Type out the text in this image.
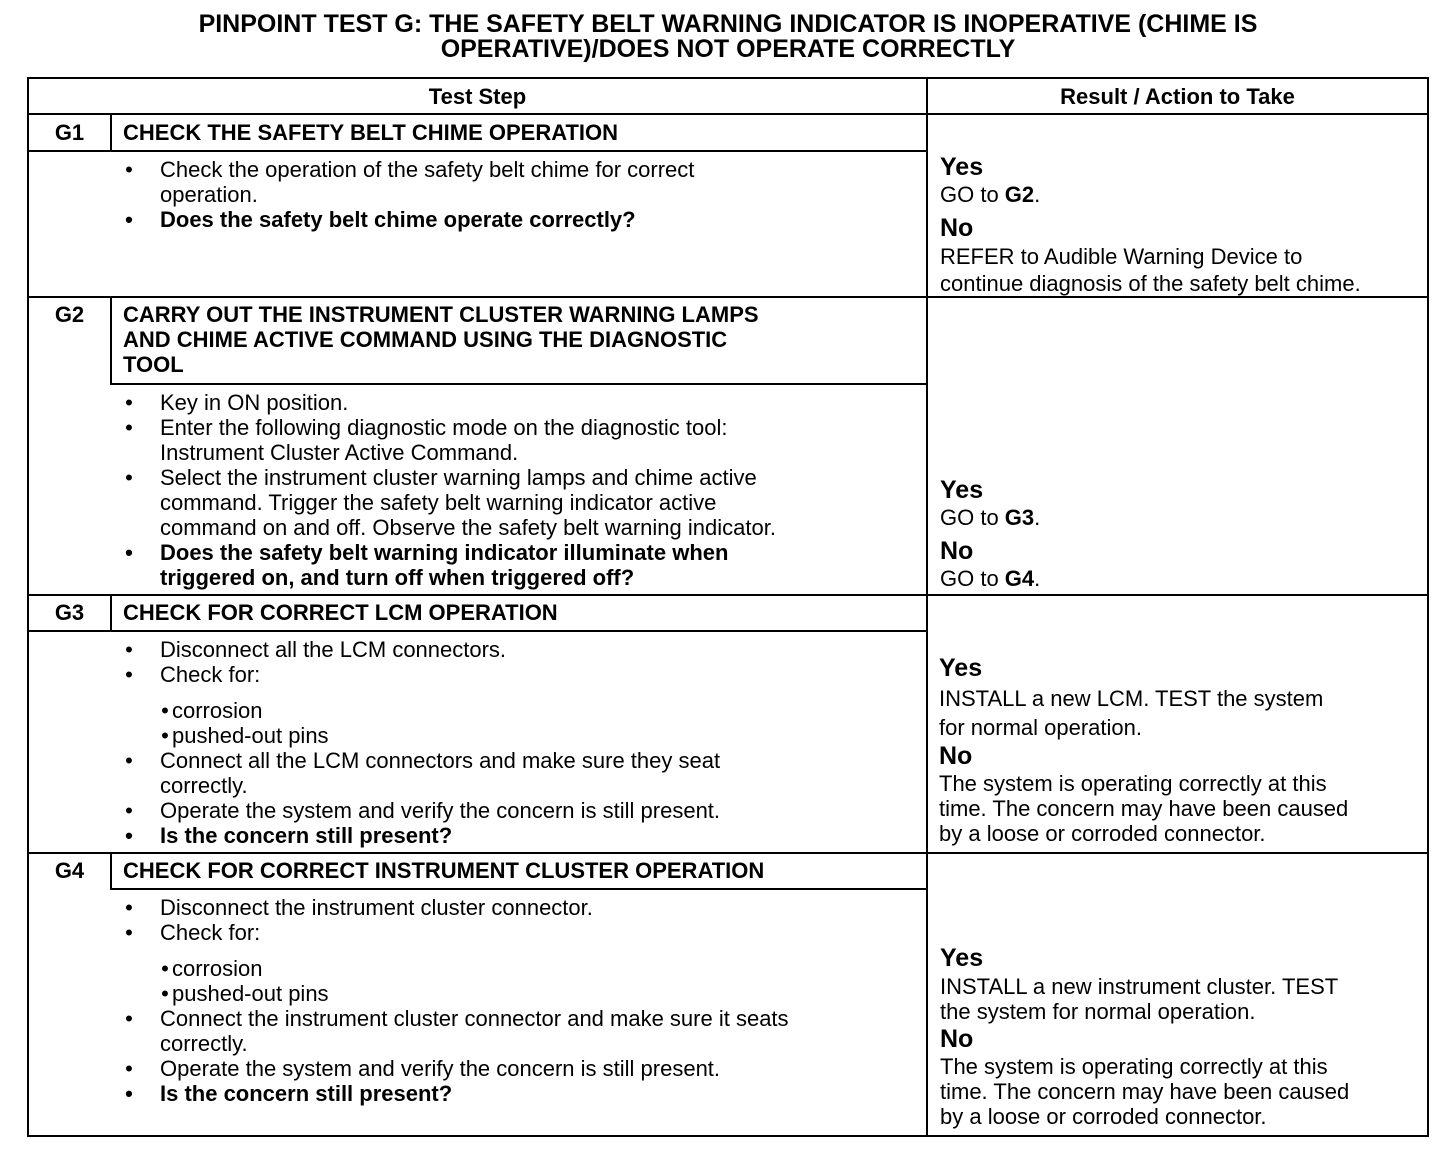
PINPOINT TEST G: THE SAFETY BELT WARNING INDICATOR IS INOPERATIVE (CHIME IS
OPERATIVE)/DOES NOT OPERATE CORRECTLY
Test Step	Result / Action to Take
G1	CHECK THE SAFETY BELT CHIME OPERATION
• Check the operation of the safety belt chime for correct
operation.
• Does the safety belt chime operate correctly?
Yes
GO to G2.
No
REFER to Audible Warning Device to
continue diagnosis of the safety belt chime.
G2	CARRY OUT THE INSTRUMENT CLUSTER WARNING LAMPS
AND CHIME ACTIVE COMMAND USING THE DIAGNOSTIC
TOOL
• Key in ON position.
• Enter the following diagnostic mode on the diagnostic tool:
Instrument Cluster Active Command.
• Select the instrument cluster warning lamps and chime active
command. Trigger the safety belt warning indicator active
command on and off. Observe the safety belt warning indicator.
• Does the safety belt warning indicator illuminate when
triggered on, and turn off when triggered off?
Yes
GO to G3.
No
GO to G4.
G3	CHECK FOR CORRECT LCM OPERATION
• Disconnect all the LCM connectors.
• Check for:
• corrosion
• pushed-out pins
• Connect all the LCM connectors and make sure they seat
correctly.
• Operate the system and verify the concern is still present.
• Is the concern still present?
Yes
INSTALL a new LCM. TEST the system
for normal operation.
No
The system is operating correctly at this
time. The concern may have been caused
by a loose or corroded connector.
G4	CHECK FOR CORRECT INSTRUMENT CLUSTER OPERATION
• Disconnect the instrument cluster connector.
• Check for:
• corrosion
• pushed-out pins
• Connect the instrument cluster connector and make sure it seats
correctly.
• Operate the system and verify the concern is still present.
• Is the concern still present?
Yes
INSTALL a new instrument cluster. TEST
the system for normal operation.
No
The system is operating correctly at this
time. The concern may have been caused
by a loose or corroded connector.
